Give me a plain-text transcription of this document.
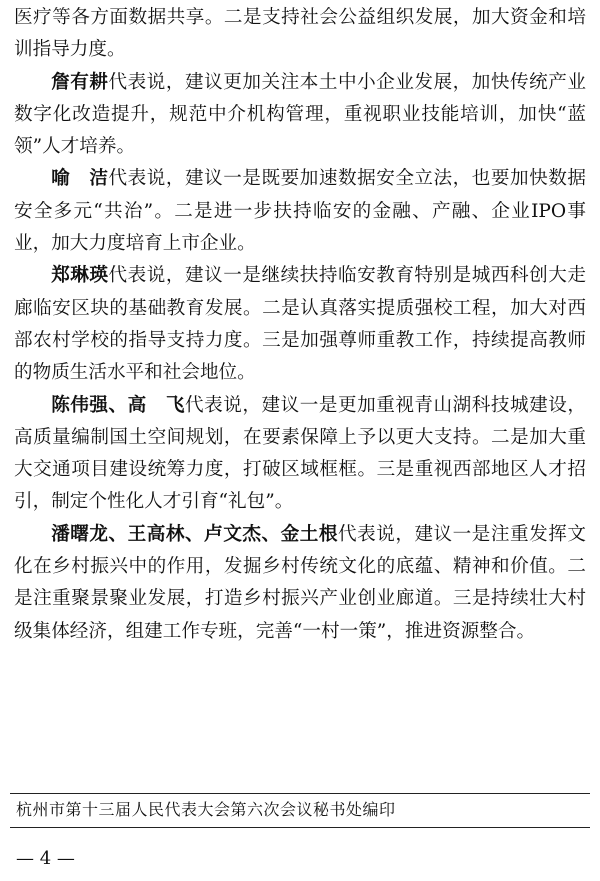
医疗等各方面数据共享。二是支持社会公益组织发展，加大资金和培训指导力度。

詹有耕代表说，建议更加关注本土中小企业发展，加快传统产业数字化改造提升，规范中介机构管理，重视职业技能培训，加快“蓝领”人才培养。

喻　洁代表说，建议一是既要加速数据安全立法，也要加快数据安全多元“共治”。二是进一步扶持临安的金融、产融、企业IPO事业，加大力度培育上市企业。

郑琳瑛代表说，建议一是继续扶持临安教育特别是城西科创大走廊临安区块的基础教育发展。二是认真落实提质强校工程，加大对西部农村学校的指导支持力度。三是加强尊师重教工作，持续提高教师的物质生活水平和社会地位。

陈伟强、高　飞代表说，建议一是更加重视青山湖科技城建设，高质量编制国土空间规划，在要素保障上予以更大支持。二是加大重大交通项目建设统筹力度，打破区域框框。三是重视西部地区人才招引，制定个性化人才引育“礼包”。

潘曙龙、王高林、卢文杰、金土根代表说，建议一是注重发挥文化在乡村振兴中的作用，发掘乡村传统文化的底蕴、精神和价值。二是注重聚景聚业发展，打造乡村振兴产业创业廊道。三是持续壮大村级集体经济，组建工作专班，完善“一村一策”，推进资源整合。

杭州市第十三届人民代表大会第六次会议秘书处编印
— 4 —
